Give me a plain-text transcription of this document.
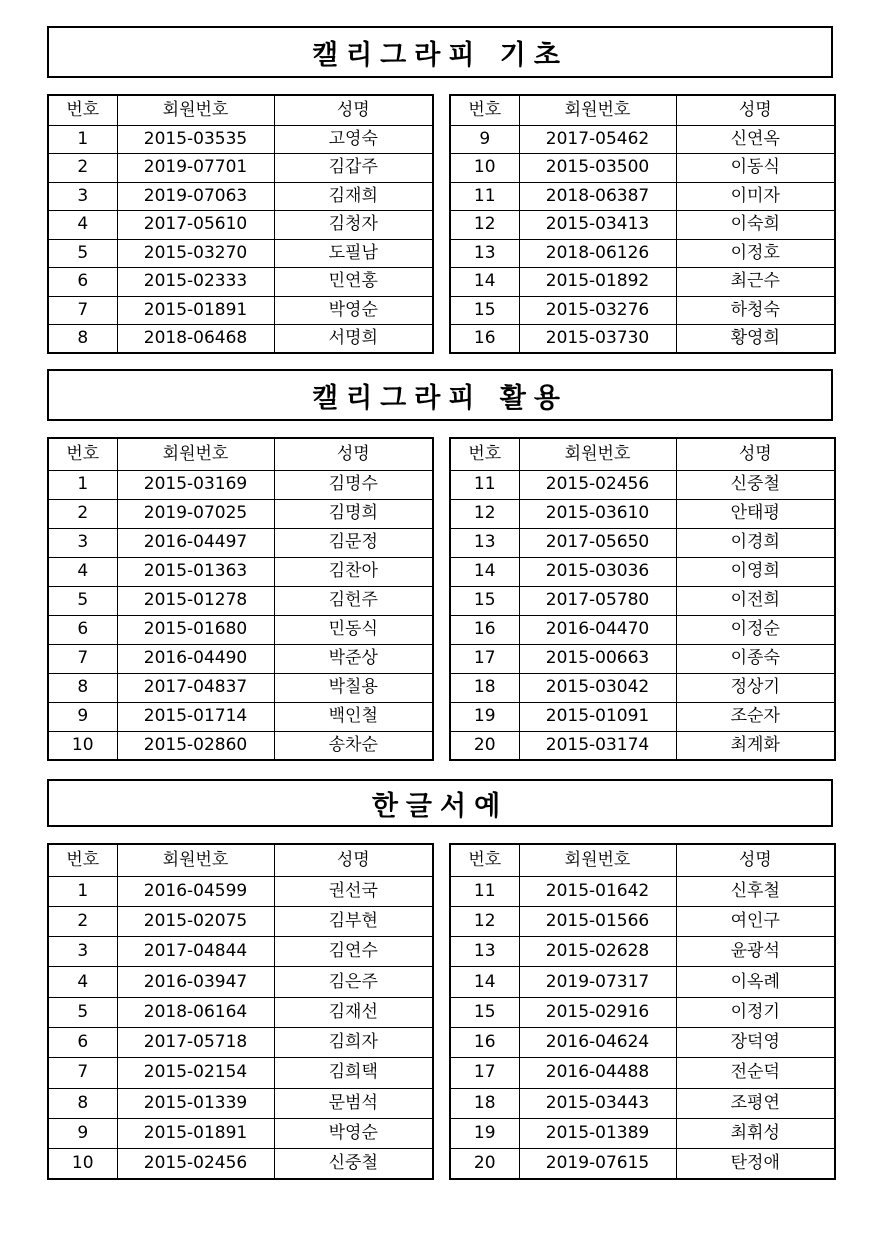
캘리그라피 기초
번호	회원번호	성명
1	2015-03535	고영숙
2	2019-07701	김갑주
3	2019-07063	김재희
4	2017-05610	김청자
5	2015-03270	도필남
6	2015-02333	민연홍
7	2015-01891	박영순
8	2018-06468	서명희
번호	회원번호	성명
9	2017-05462	신연옥
10	2015-03500	이동식
11	2018-06387	이미자
12	2015-03413	이숙희
13	2018-06126	이정호
14	2015-01892	최근수
15	2015-03276	하청숙
16	2015-03730	황영희
캘리그라피 활용
번호	회원번호	성명
1	2015-03169	김명수
2	2019-07025	김명희
3	2016-04497	김문정
4	2015-01363	김찬아
5	2015-01278	김헌주
6	2015-01680	민동식
7	2016-04490	박준상
8	2017-04837	박칠용
9	2015-01714	백인철
10	2015-02860	송차순
번호	회원번호	성명
11	2015-02456	신중철
12	2015-03610	안태평
13	2017-05650	이경희
14	2015-03036	이영희
15	2017-05780	이전희
16	2016-04470	이정순
17	2015-00663	이종숙
18	2015-03042	정상기
19	2015-01091	조순자
20	2015-03174	최계화
한글서예
번호	회원번호	성명
1	2016-04599	권선국
2	2015-02075	김부현
3	2017-04844	김연수
4	2016-03947	김은주
5	2018-06164	김재선
6	2017-05718	김희자
7	2015-02154	김희택
8	2015-01339	문범석
9	2015-01891	박영순
10	2015-02456	신중철
번호	회원번호	성명
11	2015-01642	신후철
12	2015-01566	여인구
13	2015-02628	윤광석
14	2019-07317	이옥례
15	2015-02916	이정기
16	2016-04624	장덕영
17	2016-04488	전순덕
18	2015-03443	조평연
19	2015-01389	최휘성
20	2019-07615	탄정애
